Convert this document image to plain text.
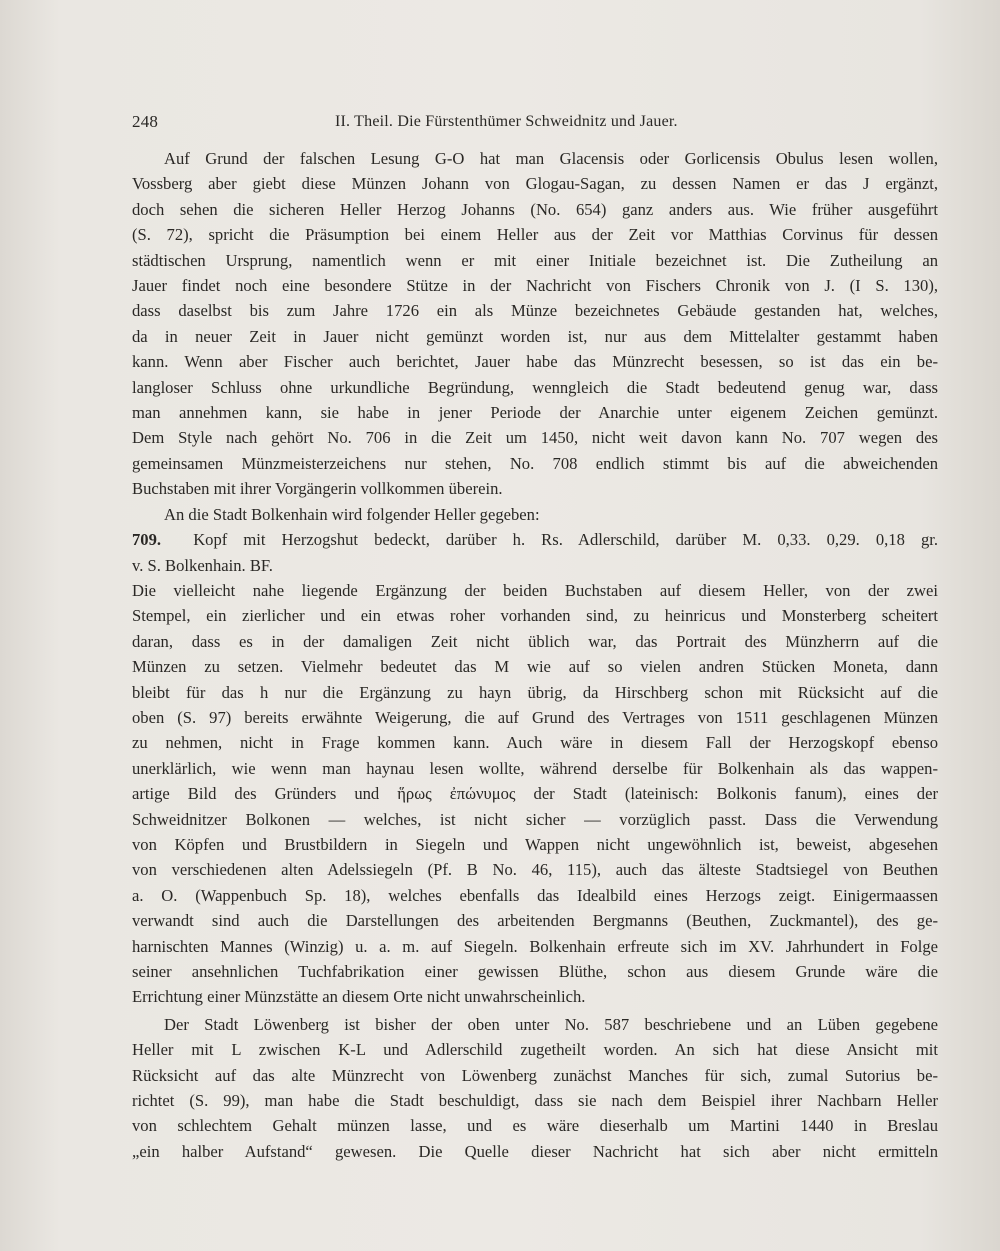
248	II. Theil. Die Fürstenthümer Schweidnitz und Jauer.
Auf Grund der falschen Lesung G-O hat man Glacensis oder Gorlicensis Obulus lesen wollen,
Vossberg aber giebt diese Münzen Johann von Glogau-Sagan, zu dessen Namen er das J ergänzt,
doch sehen die sicheren Heller Herzog Johanns (No. 654) ganz anders aus. Wie früher ausgeführt
(S. 72), spricht die Präsumption bei einem Heller aus der Zeit vor Matthias Corvinus für dessen
städtischen Ursprung, namentlich wenn er mit einer Initiale bezeichnet ist. Die Zutheilung an
Jauer findet noch eine besondere Stütze in der Nachricht von Fischers Chronik von J. (I S. 130),
dass daselbst bis zum Jahre 1726 ein als Münze bezeichnetes Gebäude gestanden hat, welches,
da in neuer Zeit in Jauer nicht gemünzt worden ist, nur aus dem Mittelalter gestammt haben
kann. Wenn aber Fischer auch berichtet, Jauer habe das Münzrecht besessen, so ist das ein be-
langloser Schluss ohne urkundliche Begründung, wenngleich die Stadt bedeutend genug war, dass
man annehmen kann, sie habe in jener Periode der Anarchie unter eigenem Zeichen gemünzt.
Dem Style nach gehört No. 706 in die Zeit um 1450, nicht weit davon kann No. 707 wegen des
gemeinsamen Münzmeisterzeichens nur stehen, No. 708 endlich stimmt bis auf die abweichenden
Buchstaben mit ihrer Vorgängerin vollkommen überein.
An die Stadt Bolkenhain wird folgender Heller gegeben:
709. Kopf mit Herzogshut bedeckt, darüber h. Rs. Adlerschild, darüber M. 0,33. 0,29. 0,18 gr.
v. S. Bolkenhain. BF.
Die vielleicht nahe liegende Ergänzung der beiden Buchstaben auf diesem Heller, von der zwei
Stempel, ein zierlicher und ein etwas roher vorhanden sind, zu heinricus und Monsterberg scheitert
daran, dass es in der damaligen Zeit nicht üblich war, das Portrait des Münzherrn auf die
Münzen zu setzen. Vielmehr bedeutet das M wie auf so vielen andren Stücken Moneta, dann
bleibt für das h nur die Ergänzung zu hayn übrig, da Hirschberg schon mit Rücksicht auf die
oben (S. 97) bereits erwähnte Weigerung, die auf Grund des Vertrages von 1511 geschlagenen Münzen
zu nehmen, nicht in Frage kommen kann. Auch wäre in diesem Fall der Herzogskopf ebenso
unerklärlich, wie wenn man haynau lesen wollte, während derselbe für Bolkenhain als das wappen-
artige Bild des Gründers und ἥρως ἐπώνυμος der Stadt (lateinisch: Bolkonis fanum), eines der
Schweidnitzer Bolkonen — welches, ist nicht sicher — vorzüglich passt. Dass die Verwendung
von Köpfen und Brustbildern in Siegeln und Wappen nicht ungewöhnlich ist, beweist, abgesehen
von verschiedenen alten Adelssiegeln (Pf. B No. 46, 115), auch das älteste Stadtsiegel von Beuthen
a. O. (Wappenbuch Sp. 18), welches ebenfalls das Idealbild eines Herzogs zeigt. Einigermaassen
verwandt sind auch die Darstellungen des arbeitenden Bergmanns (Beuthen, Zuckmantel), des ge-
harnischten Mannes (Winzig) u. a. m. auf Siegeln. Bolkenhain erfreute sich im XV. Jahrhundert in Folge
seiner ansehnlichen Tuchfabrikation einer gewissen Blüthe, schon aus diesem Grunde wäre die
Errichtung einer Münzstätte an diesem Orte nicht unwahrscheinlich.
Der Stadt Löwenberg ist bisher der oben unter No. 587 beschriebene und an Lüben gegebene
Heller mit L zwischen K-L und Adlerschild zugetheilt worden. An sich hat diese Ansicht mit
Rücksicht auf das alte Münzrecht von Löwenberg zunächst Manches für sich, zumal Sutorius be-
richtet (S. 99), man habe die Stadt beschuldigt, dass sie nach dem Beispiel ihrer Nachbarn Heller
von schlechtem Gehalt münzen lasse, und es wäre dieserhalb um Martini 1440 in Breslau
„ein halber Aufstand“ gewesen. Die Quelle dieser Nachricht hat sich aber nicht ermitteln
